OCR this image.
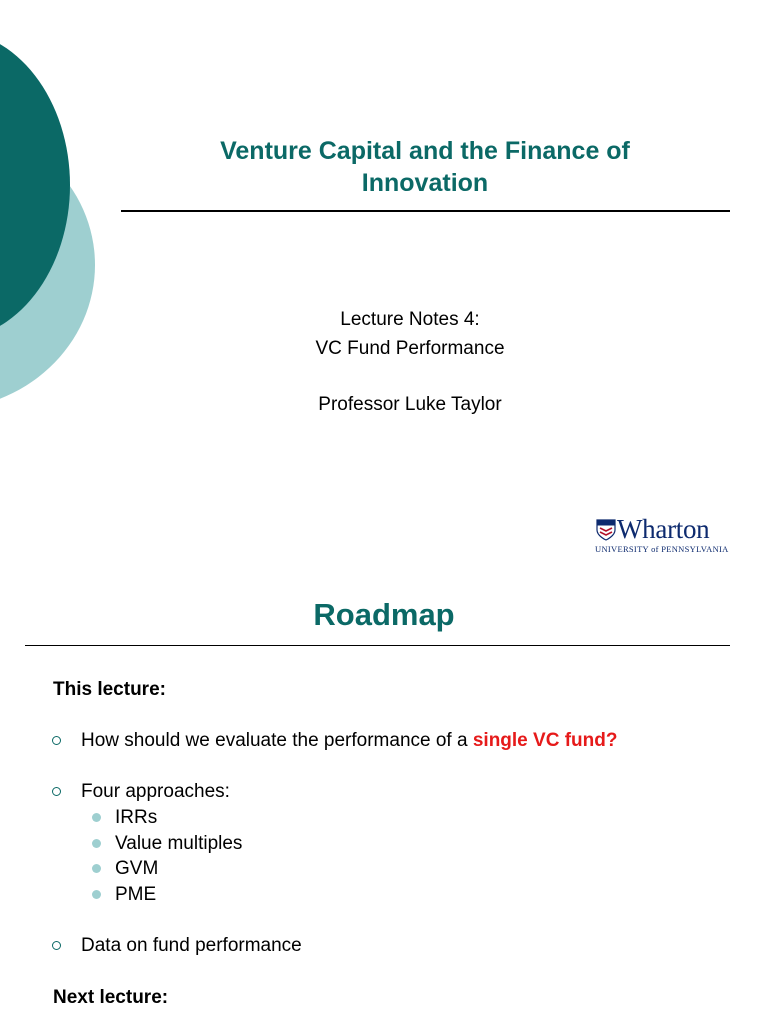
Venture Capital and the Finance of
Innovation
Lecture Notes 4:
VC Fund Performance
Professor Luke Taylor
Wharton
UNIVERSITY of PENNSYLVANIA
Roadmap
This lecture:
How should we evaluate the performance of a single VC fund?
Four approaches:
IRRs
Value multiples
GVM
PME
Data on fund performance
Next lecture:
